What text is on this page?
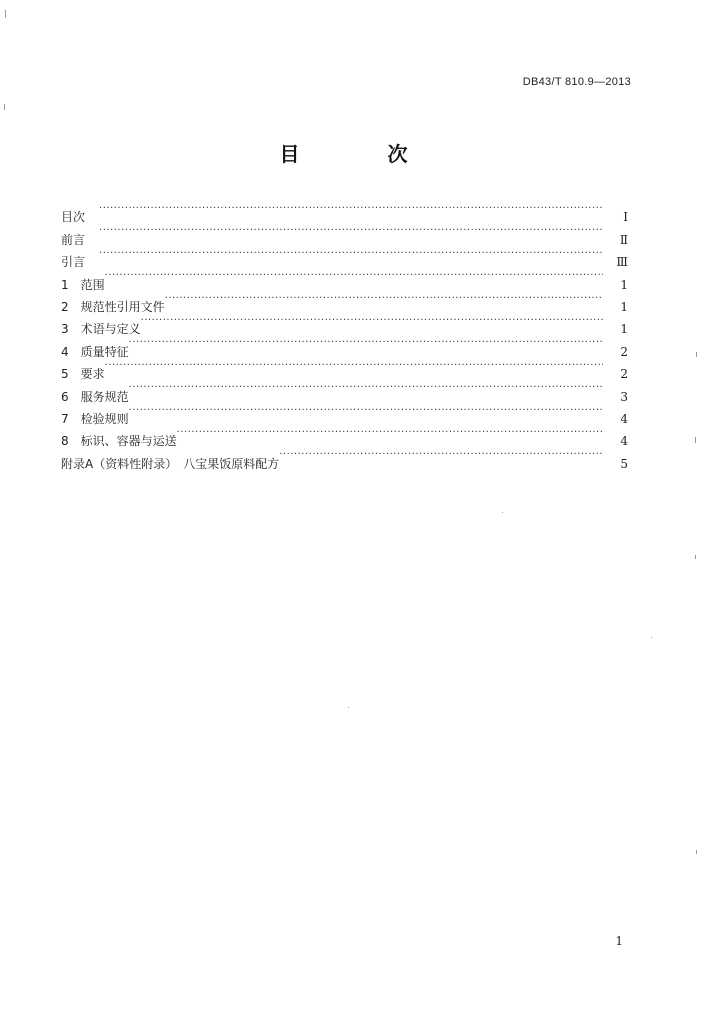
DB43/T 810.9—2013
目　次
目次 ·····	Ⅰ
前言 ·····	Ⅱ
引言 ·····	Ⅲ
1　范围 ·····	1
2　规范性引用文件 ·····	1
3　术语与定义 ·····	1
4　质量特征 ·····	2
5　要求 ·····	2
6　服务规范 ·····	3
7　检验规则 ·····	4
8　标识、容器与运送 ·····	4
附录A（资料性附录）　八宝果饭原料配方 ·····	5
1
